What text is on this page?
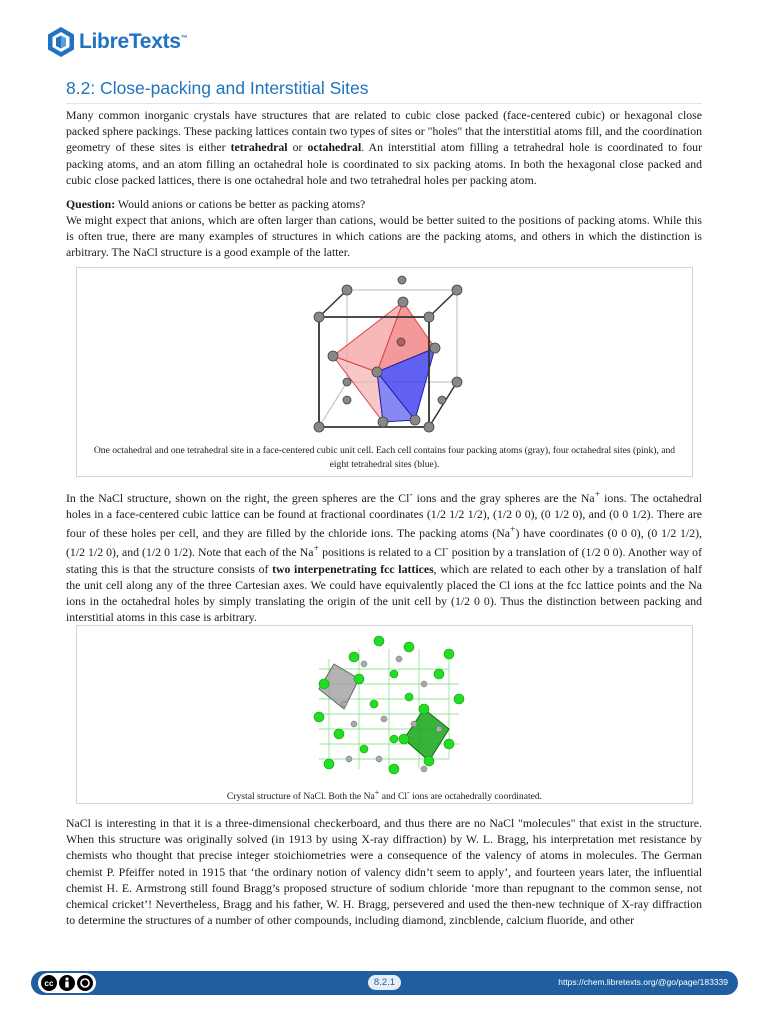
LibreTexts™
8.2: Close-packing and Interstitial Sites

Many common inorganic crystals have structures that are related to cubic close packed (face-centered cubic) or hexagonal close packed sphere packings. These packing lattices contain two types of sites or "holes" that the interstitial atoms fill, and the coordination geometry of these sites is either tetrahedral or octahedral. An interstitial atom filling a tetrahedral hole is coordinated to four packing atoms, and an atom filling an octahedral hole is coordinated to six packing atoms. In both the hexagonal close packed and cubic close packed lattices, there is one octahedral hole and two tetrahedral holes per packing atom.

Question: Would anions or cations be better as packing atoms?

We might expect that anions, which are often larger than cations, would be better suited to the positions of packing atoms. While this is often true, there are many examples of structures in which cations are the packing atoms, and others in which the distinction is arbitrary. The NaCl structure is a good example of the latter.

One octahedral and one tetrahedral site in a face-centered cubic unit cell. Each cell contains four packing atoms (gray), four octahedral sites (pink), and eight tetrahedral sites (blue).

In the NaCl structure, shown on the right, the green spheres are the Cl- ions and the gray spheres are the Na+ ions. The octahedral holes in a face-centered cubic lattice can be found at fractional coordinates (1/2 1/2 1/2), (1/2 0 0), (0 1/2 0), and (0 0 1/2). There are four of these holes per cell, and they are filled by the chloride ions. The packing atoms (Na+) have coordinates (0 0 0), (0 1/2 1/2), (1/2 1/2 0), and (1/2 0 1/2). Note that each of the Na+ positions is related to a Cl- position by a translation of (1/2 0 0). Another way of stating this is that the structure consists of two interpenetrating fcc lattices, which are related to each other by a translation of half the unit cell along any of the three Cartesian axes. We could have equivalently placed the Cl ions at the fcc lattice points and the Na ions in the octahedral holes by simply translating the origin of the unit cell by (1/2 0 0). Thus the distinction between packing and interstitial atoms in this case is arbitrary.

Crystal structure of NaCl. Both the Na+ and Cl- ions are octahedrally coordinated.

NaCl is interesting in that it is a three-dimensional checkerboard, and thus there are no NaCl "molecules" that exist in the structure. When this structure was originally solved (in 1913 by using X-ray diffraction) by W. L. Bragg, his interpretation met resistance by chemists who thought that precise integer stoichiometries were a consequence of the valency of atoms in molecules. The German chemist P. Pfeiffer noted in 1915 that ‘the ordinary notion of valency didn’t seem to apply’, and fourteen years later, the influential chemist H. E. Armstrong still found Bragg’s proposed structure of sodium chloride ‘more than repugnant to the common sense, not chemical cricket’! Nevertheless, Bragg and his father, W. H. Bragg, persevered and used the then-new technique of X-ray diffraction to determine the structures of a number of other compounds, including diamond, zincblende, calcium fluoride, and other

cc	8.2.1	https://chem.libretexts.org/@go/page/183339
